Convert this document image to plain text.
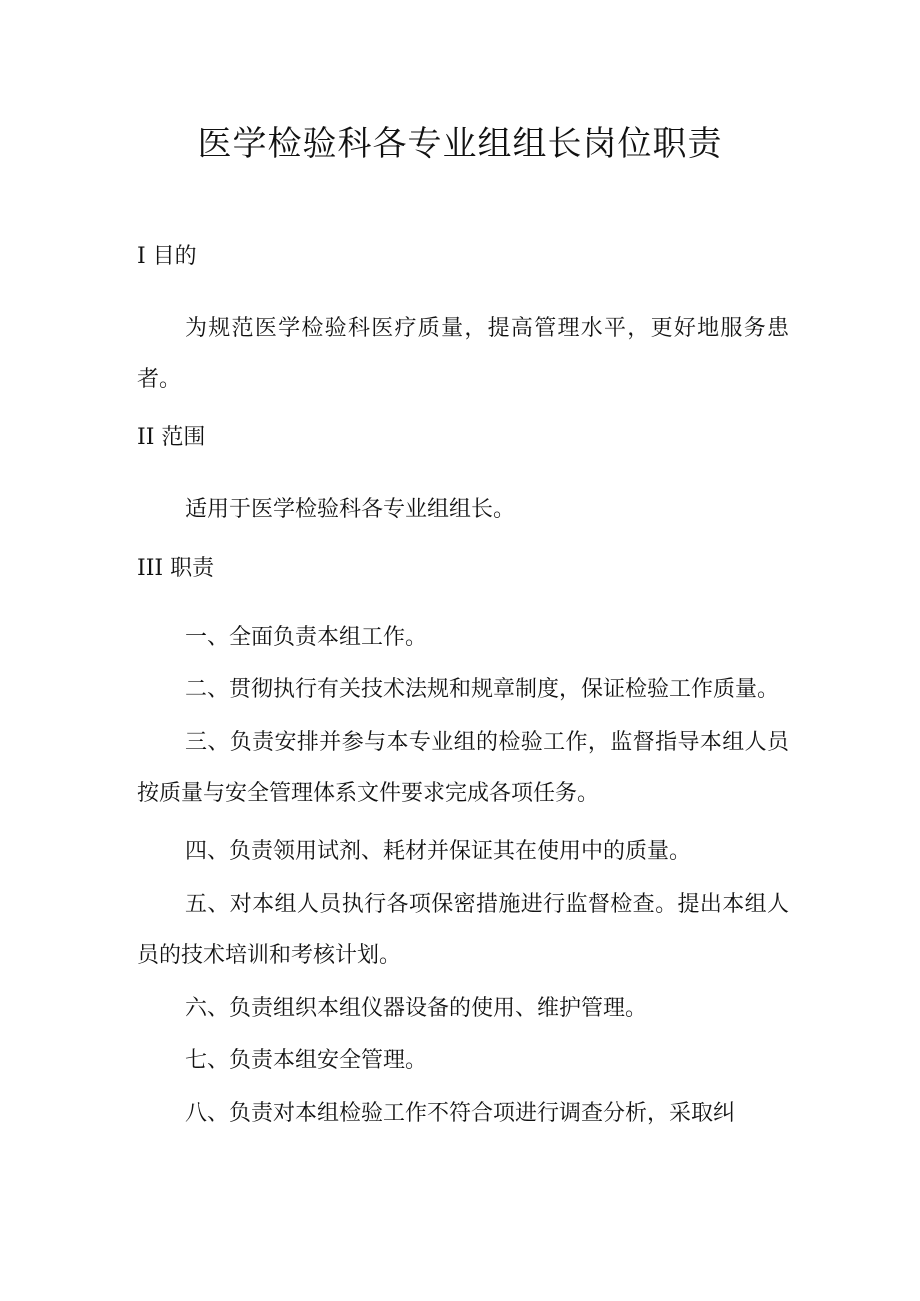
医学检验科各专业组组长岗位职责
I 目的

为规范医学检验科医疗质量，提高管理水平，更好地服务患者。

II 范围

适用于医学检验科各专业组组长。

III 职责

一、全面负责本组工作。

二、贯彻执行有关技术法规和规章制度，保证检验工作质量。

三、负责安排并参与本专业组的检验工作，监督指导本组人员按质量与安全管理体系文件要求完成各项任务。

四、负责领用试剂、耗材并保证其在使用中的质量。

五、对本组人员执行各项保密措施进行监督检查。提出本组人员的技术培训和考核计划。

六、负责组织本组仪器设备的使用、维护管理。

七、负责本组安全管理。

八、负责对本组检验工作不符合项进行调查分析，采取纠
